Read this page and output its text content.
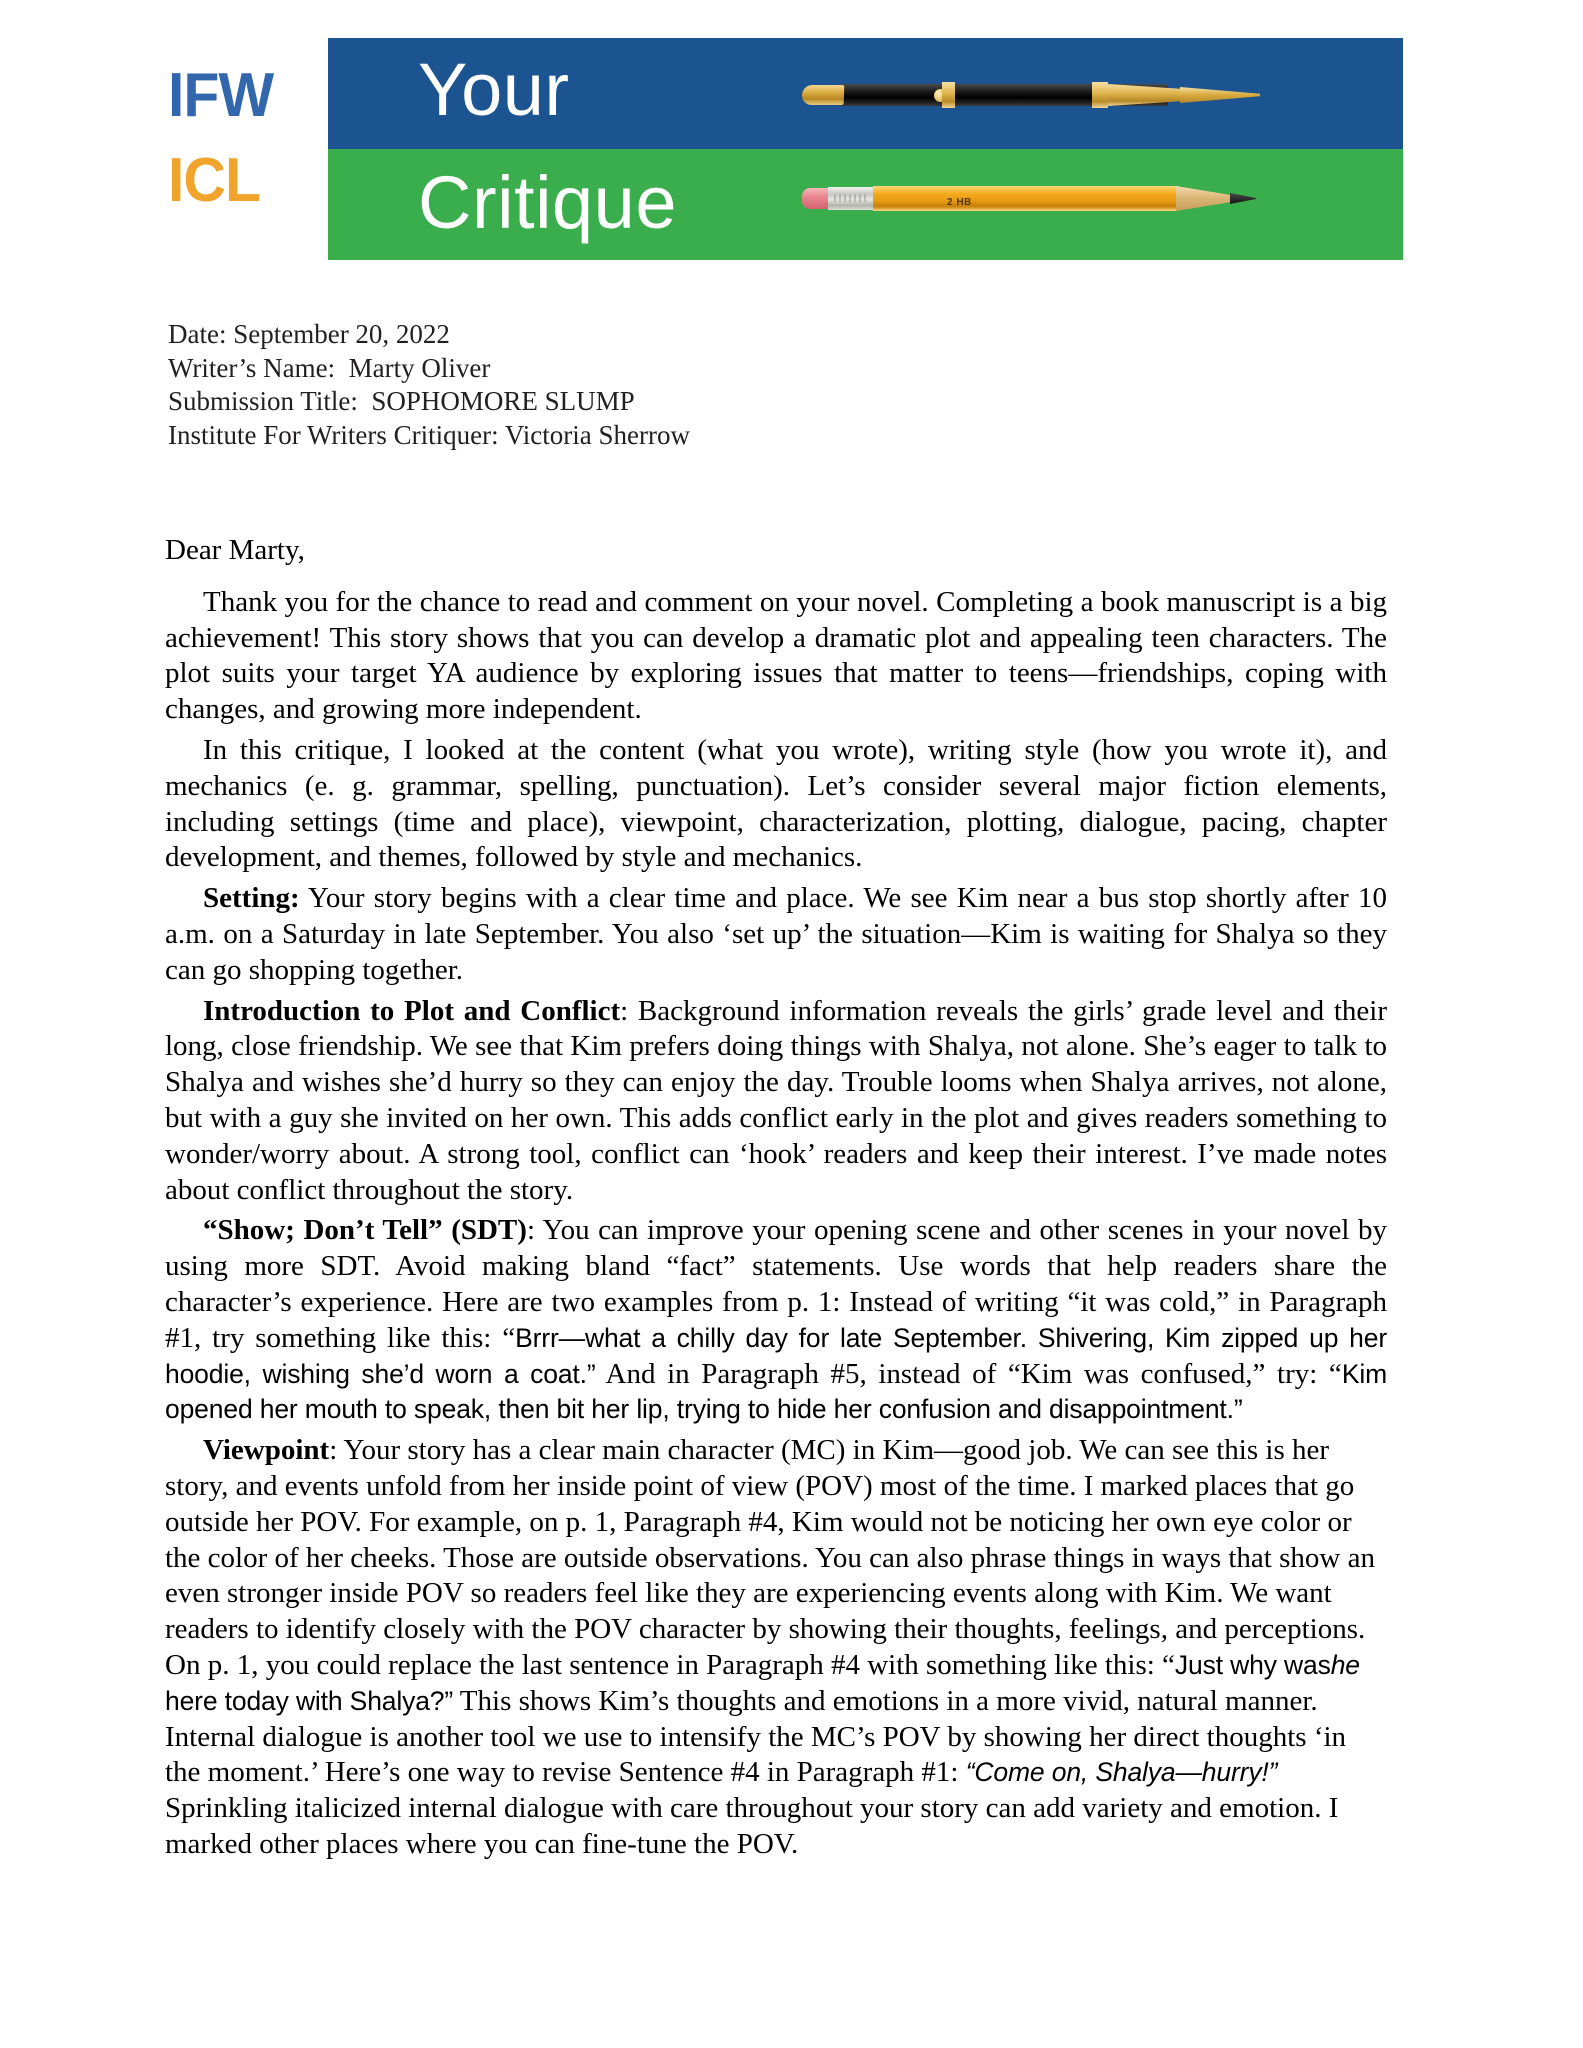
Your
Critique	2 HB
IFW
ICL
Date: September 20, 2022
Writer’s Name:  Marty Oliver
Submission Title:  SOPHOMORE SLUMP
Institute For Writers Critiquer: Victoria Sherrow

Dear Marty,

Thank you for the chance to read and comment on your novel. Completing a book manuscript is a big achievement! This story shows that you can develop a dramatic plot and appealing teen characters. The plot suits your target YA audience by exploring issues that matter to teens—friendships, coping with changes, and growing more independent.

In this critique, I looked at the content (what you wrote), writing style (how you wrote it), and mechanics (e. g. grammar, spelling, punctuation). Let’s consider several major fiction elements, including settings (time and place), viewpoint, characterization, plotting, dialogue, pacing, chapter development, and themes, followed by style and mechanics.

Setting: Your story begins with a clear time and place. We see Kim near a bus stop shortly after 10 a.m. on a Saturday in late September. You also ‘set up’ the situation—Kim is waiting for Shalya so they can go shopping together.

Introduction to Plot and Conflict: Background information reveals the girls’ grade level and their long, close friendship. We see that Kim prefers doing things with Shalya, not alone. She’s eager to talk to Shalya and wishes she’d hurry so they can enjoy the day. Trouble looms when Shalya arrives, not alone, but with a guy she invited on her own. This adds conflict early in the plot and gives readers something to wonder/worry about. A strong tool, conflict can ‘hook’ readers and keep their interest. I’ve made notes about conflict throughout the story.

“Show; Don’t Tell” (SDT): You can improve your opening scene and other scenes in your novel by using more SDT. Avoid making bland “fact” statements. Use words that help readers share the character’s experience. Here are two examples from p. 1: Instead of writing “it was cold,” in Paragraph #1, try something like this: “Brrr—what a chilly day for late September. Shivering, Kim zipped up her hoodie, wishing she’d worn a coat.” And in Paragraph #5, instead of “Kim was confused,” try: “Kim opened her mouth to speak, then bit her lip, trying to hide her confusion and disappointment.”

Viewpoint: Your story has a clear main character (MC) in Kim—good job. We can see this is her story, and events unfold from her inside point of view (POV) most of the time. I marked places that go outside her POV. For example, on p. 1, Paragraph #4, Kim would not be noticing her own eye color or the color of her cheeks. Those are outside observations. You can also phrase things in ways that show an even stronger inside POV so readers feel like they are experiencing events along with Kim. We want readers to identify closely with the POV character by showing their thoughts, feelings, and perceptions. On p. 1, you could replace the last sentence in Paragraph #4 with something like this: “Just why washe here today with Shalya?” This shows Kim’s thoughts and emotions in a more vivid, natural manner. Internal dialogue is another tool we use to intensify the MC’s POV by showing her direct thoughts ‘in the moment.’ Here’s one way to revise Sentence #4 in Paragraph #1: “Come on, Shalya—hurry!” Sprinkling italicized internal dialogue with care throughout your story can add variety and emotion. I marked other places where you can fine-tune the POV.
